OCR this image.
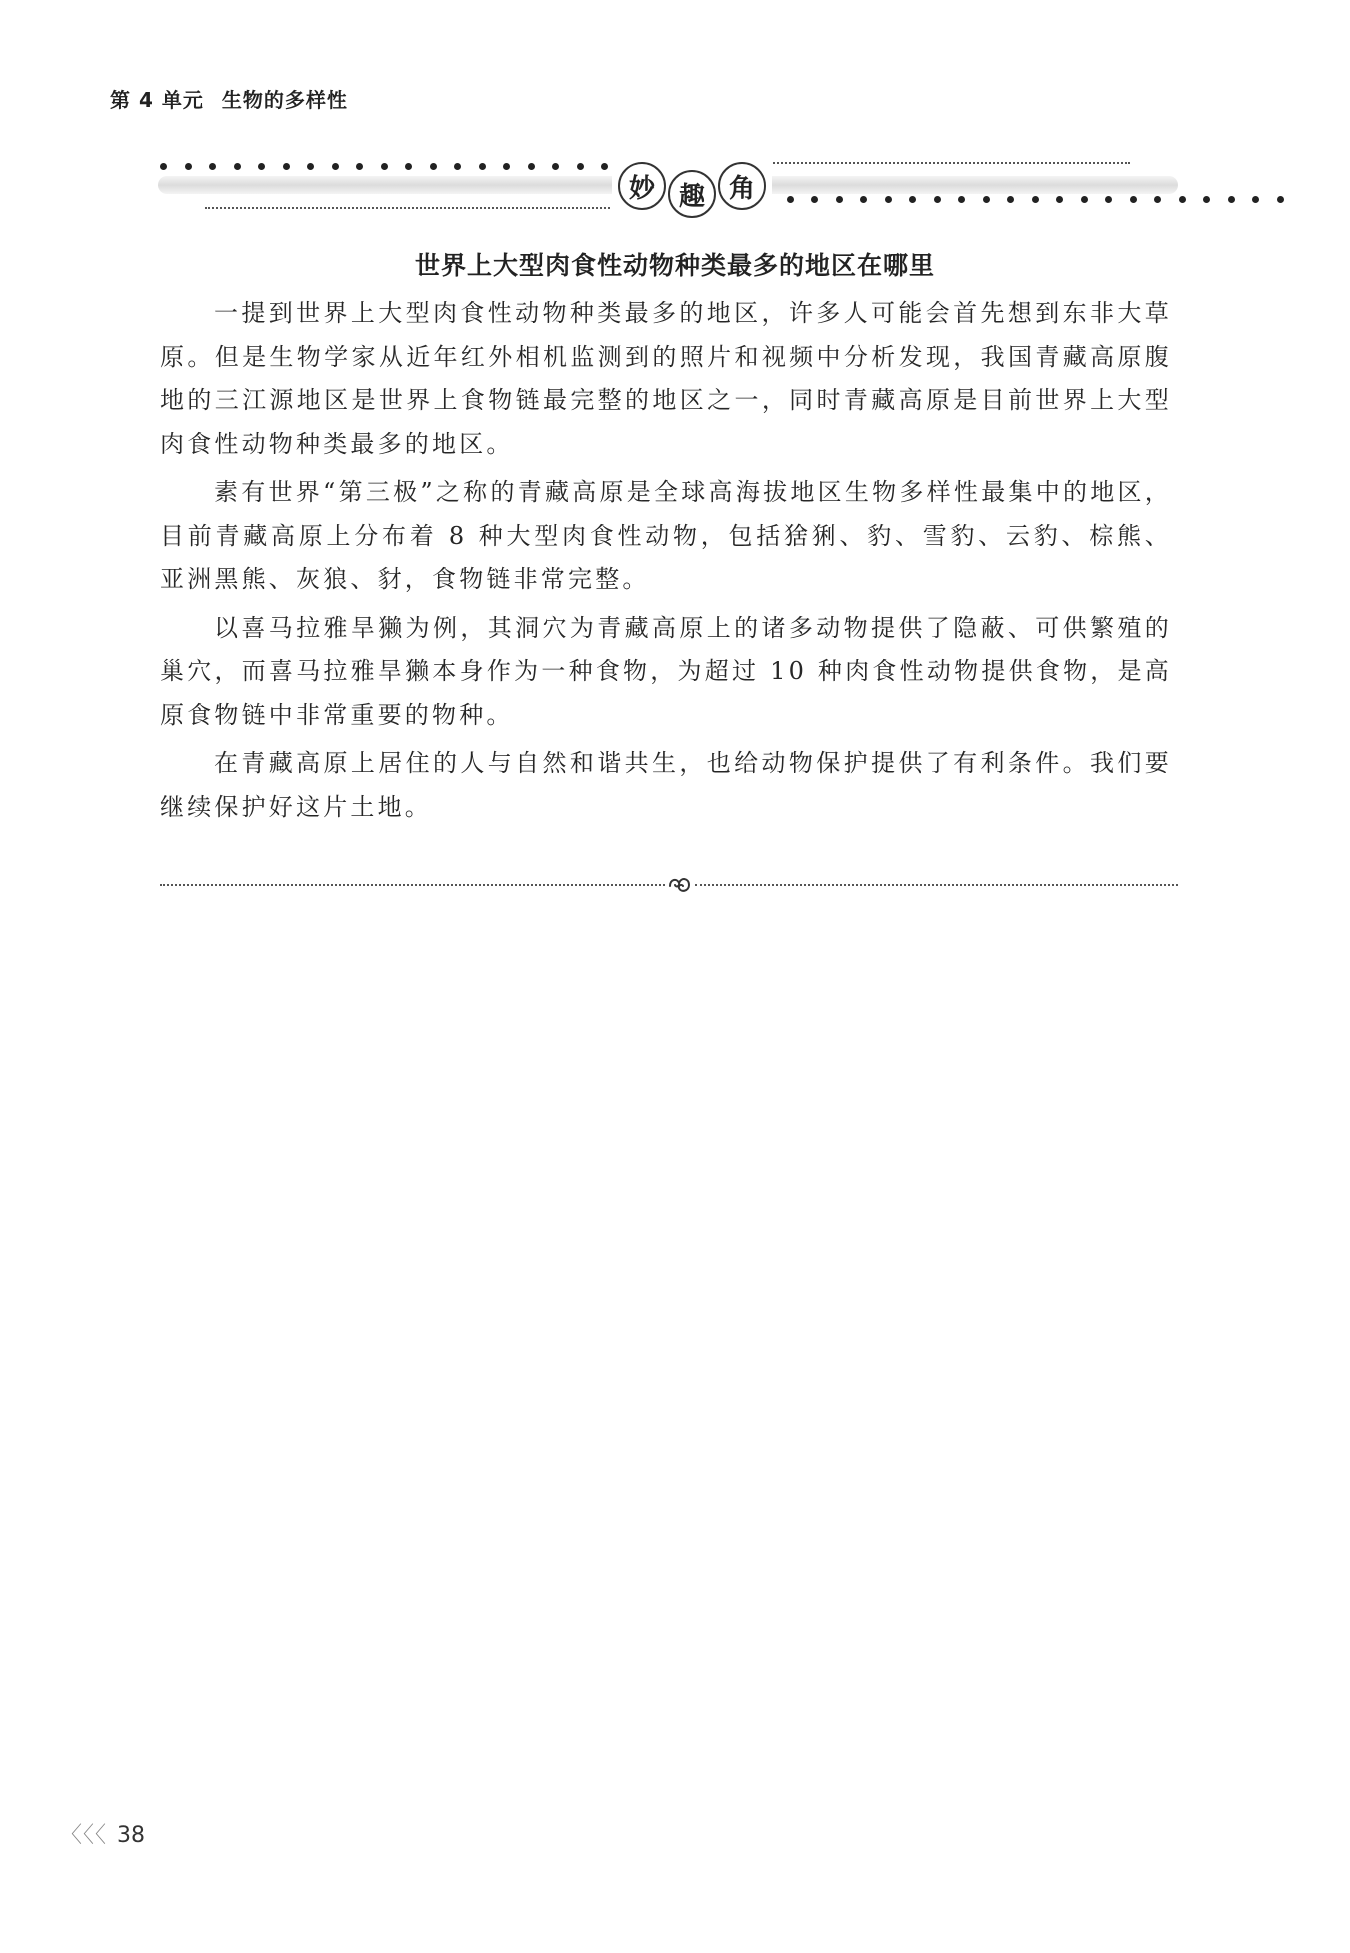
第 4 单元 生物的多样性
妙 趣 角
世界上大型肉食性动物种类最多的地区在哪里

一提到世界上大型肉食性动物种类最多的地区，许多人可能会首先想到东非大草原。但是生物学家从近年红外相机监测到的照片和视频中分析发现，我国青藏高原腹地的三江源地区是世界上食物链最完整的地区之一，同时青藏高原是目前世界上大型肉食性动物种类最多的地区。

素有世界“第三极”之称的青藏高原是全球高海拔地区生物多样性最集中的地区，目前青藏高原上分布着 8 种大型肉食性动物，包括猞猁、豹、雪豹、云豹、棕熊、亚洲黑熊、灰狼、豺，食物链非常完整。

以喜马拉雅旱獭为例，其洞穴为青藏高原上的诸多动物提供了隐蔽、可供繁殖的巢穴，而喜马拉雅旱獭本身作为一种食物，为超过 10 种肉食性动物提供食物，是高原食物链中非常重要的物种。

在青藏高原上居住的人与自然和谐共生，也给动物保护提供了有利条件。我们要继续保护好这片土地。

〈〈〈 38
